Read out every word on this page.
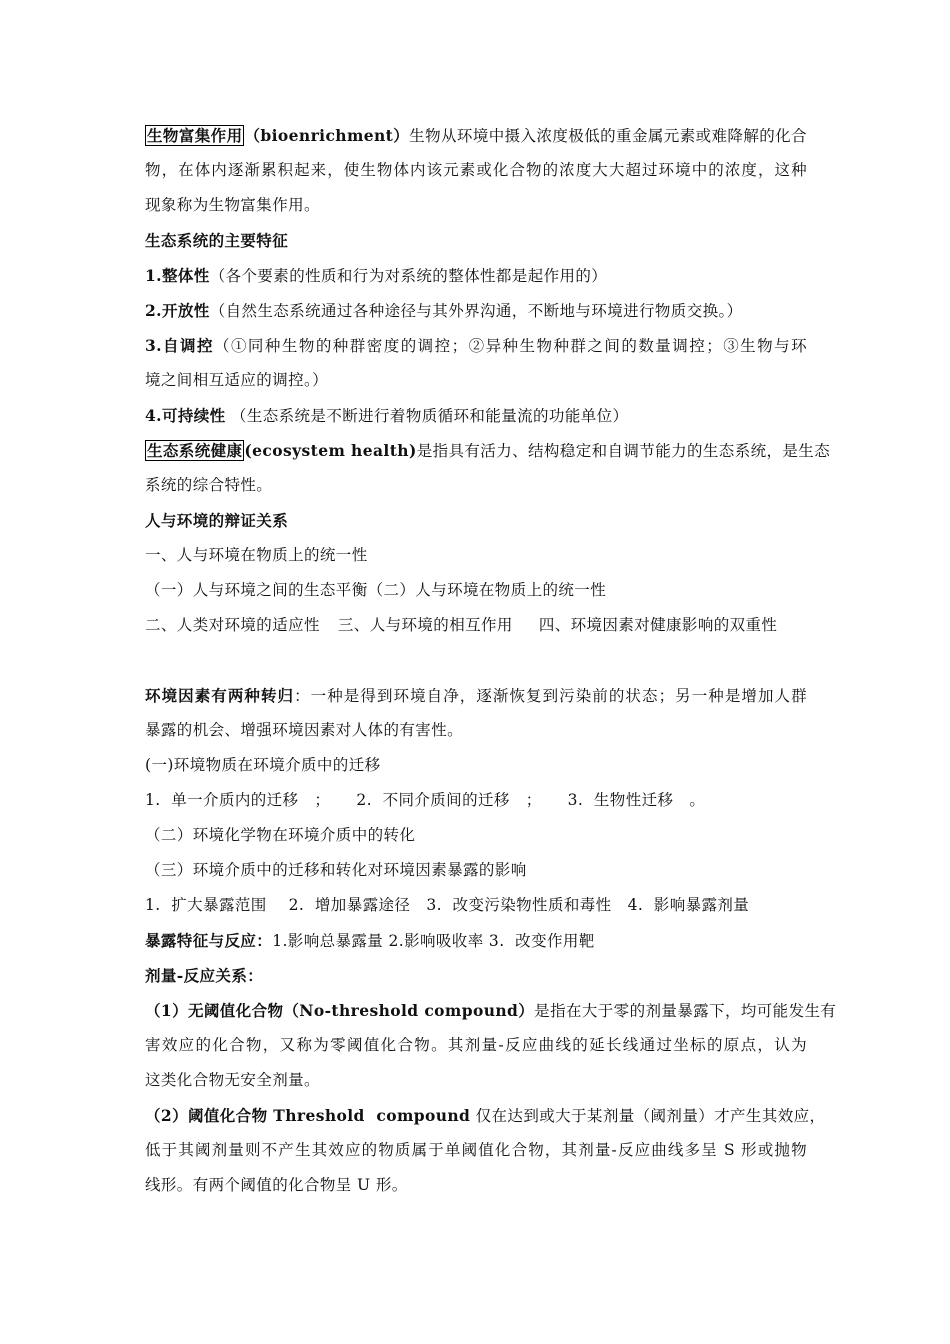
生物富集作用 （bioenrichment）生物从环境中摄入浓度极低的重金属元素或难降解的化合
物，在体内逐渐累积起来，使生物体内该元素或化合物的浓度大大超过环境中的浓度，这种
现象称为生物富集作用。
生态系统的主要特征
1.整体性（各个要素的性质和行为对系统的整体性都是起作用的）
2.开放性（自然生态系统通过各种途径与其外界沟通，不断地与环境进行物质交换。）
3.自调控（①同种生物的种群密度的调控；②异种生物种群之间的数量调控；③生物与环
境之间相互适应的调控。）
4.可持续性 （生态系统是不断进行着物质循环和能量流的功能单位）
生态系统健康 (ecosystem health)是指具有活力、结构稳定和自调节能力的生态系统，是生态
系统的综合特性。
人与环境的辩证关系
一、人与环境在物质上的统一性
（一）人与环境之间的生态平衡（二）人与环境在物质上的统一性
二、人类对环境的适应性 三、人与环境的相互作用 四、环境因素对健康影响的双重性
环境因素有两种转归：一种是得到环境自净，逐渐恢复到污染前的状态；另一种是增加人群
暴露的机会、增强环境因素对人体的有害性。
(一)环境物质在环境介质中的迁移
1.  单一介质内的迁移   ； 2.  不同介质间的迁移   ； 3.  生物性迁移   。
（二）环境化学物在环境介质中的转化
（三）环境介质中的迁移和转化对环境因素暴露的影响
1.  扩大暴露范围 2.  增加暴露途径 3.  改变污染物性质和毒性 4.  影响暴露剂量
暴露特征与反应：1.影响总暴露量 2.影响吸收率 3.  改变作用靶
剂量-反应关系：
（1）无阈值化合物（No-threshold compound）是指在大于零的剂量暴露下，均可能发生有
害效应的化合物，又称为零阈值化合物。其剂量-反应曲线的延长线通过坐标的原点，认为
这类化合物无安全剂量。
（2）阈值化合物 Threshold  compound 仅在达到或大于某剂量（阈剂量）才产生其效应，
低于其阈剂量则不产生其效应的物质属于单阈值化合物，其剂量-反应曲线多呈 S 形或抛物
线形。有两个阈值的化合物呈 U 形。
